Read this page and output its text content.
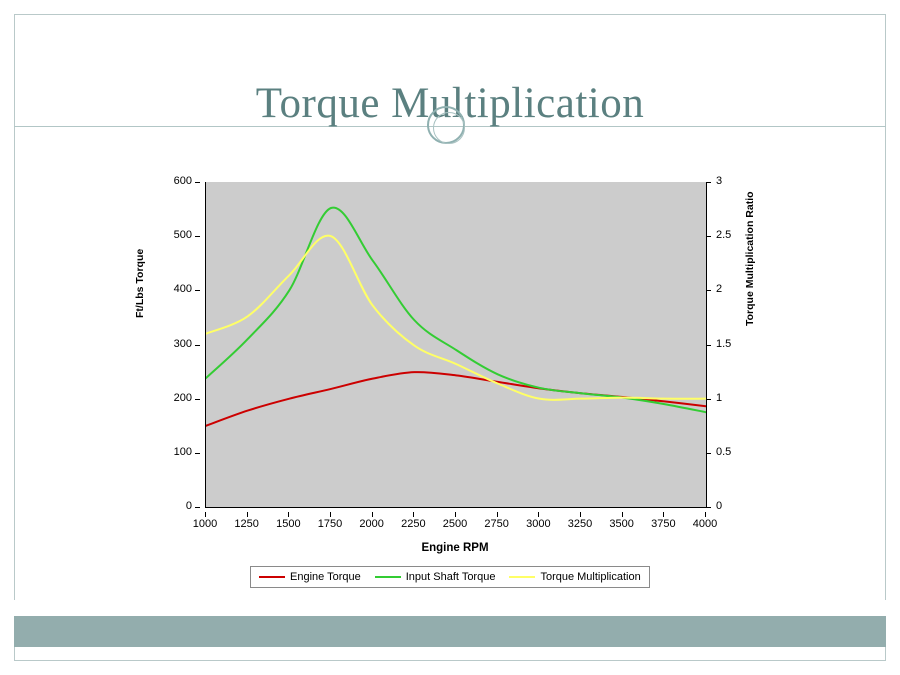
Torque Multiplication
Ft/Lbs Torque	Torque Multiplication Ratio
0
100
200
300
400
500
600
0
0.5
1
1.5
2
2.5
3
1000 1250 1500 1750 2000 2250 2500 2750 3000 3250 3500 3750 4000
Engine RPM
Engine Torque	Input Shaft Torque	Torque Multiplication
